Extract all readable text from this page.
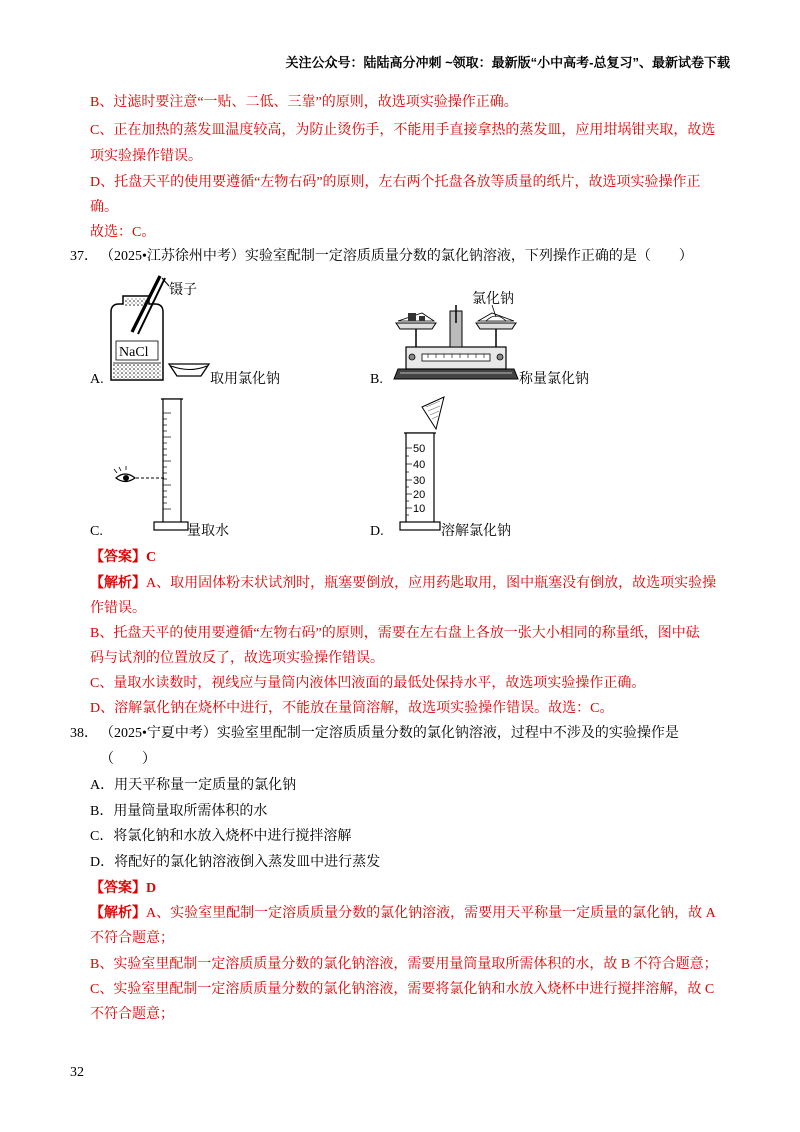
关注公众号：陆陆高分冲刺 ~领取：最新版“小中高考-总复习”、最新试卷下载
B、过滤时要注意“一贴、二低、三靠”的原则，故选项实验操作正确。
C、正在加热的蒸发皿温度较高，为防止烫伤手，不能用手直接拿热的蒸发皿，应用坩埚钳夹取，故选
项实验操作错误。
D、托盘天平的使用要遵循“左物右码”的原则，左右两个托盘各放等质量的纸片，故选项实验操作正
确。
故选：C。
37． （2025•江苏徐州中考）实验室配制一定溶质质量分数的氯化钠溶液，下列操作正确的是（　　）
NaCl
镊子
A.	取用氯化钠
氯化钠
B.	称量氯化钠
C.	量取水
50
40
30
20
10
D.	溶解氯化钠
【答案】C
【解析】A、取用固体粉末状试剂时，瓶塞要倒放，应用药匙取用，图中瓶塞没有倒放，故选项实验操
作错误。
B、托盘天平的使用要遵循“左物右码”的原则，需要在左右盘上各放一张大小相同的称量纸，图中砝
码与试剂的位置放反了，故选项实验操作错误。
C、量取水读数时，视线应与量筒内液体凹液面的最低处保持水平，故选项实验操作正确。
D、溶解氯化钠在烧杯中进行，不能放在量筒溶解，故选项实验操作错误。故选：C。
38． （2025•宁夏中考）实验室里配制一定溶质质量分数的氯化钠溶液，过程中不涉及的实验操作是
（　　）
A．用天平称量一定质量的氯化钠
B．用量筒量取所需体积的水
C．将氯化钠和水放入烧杯中进行搅拌溶解
D．将配好的氯化钠溶液倒入蒸发皿中进行蒸发
【答案】D
【解析】A、实验室里配制一定溶质质量分数的氯化钠溶液，需要用天平称量一定质量的氯化钠，故 A
不符合题意；
B、实验室里配制一定溶质质量分数的氯化钠溶液，需要用量筒量取所需体积的水，故 B 不符合题意；
C、实验室里配制一定溶质质量分数的氯化钠溶液，需要将氯化钠和水放入烧杯中进行搅拌溶解，故 C
不符合题意；
32
